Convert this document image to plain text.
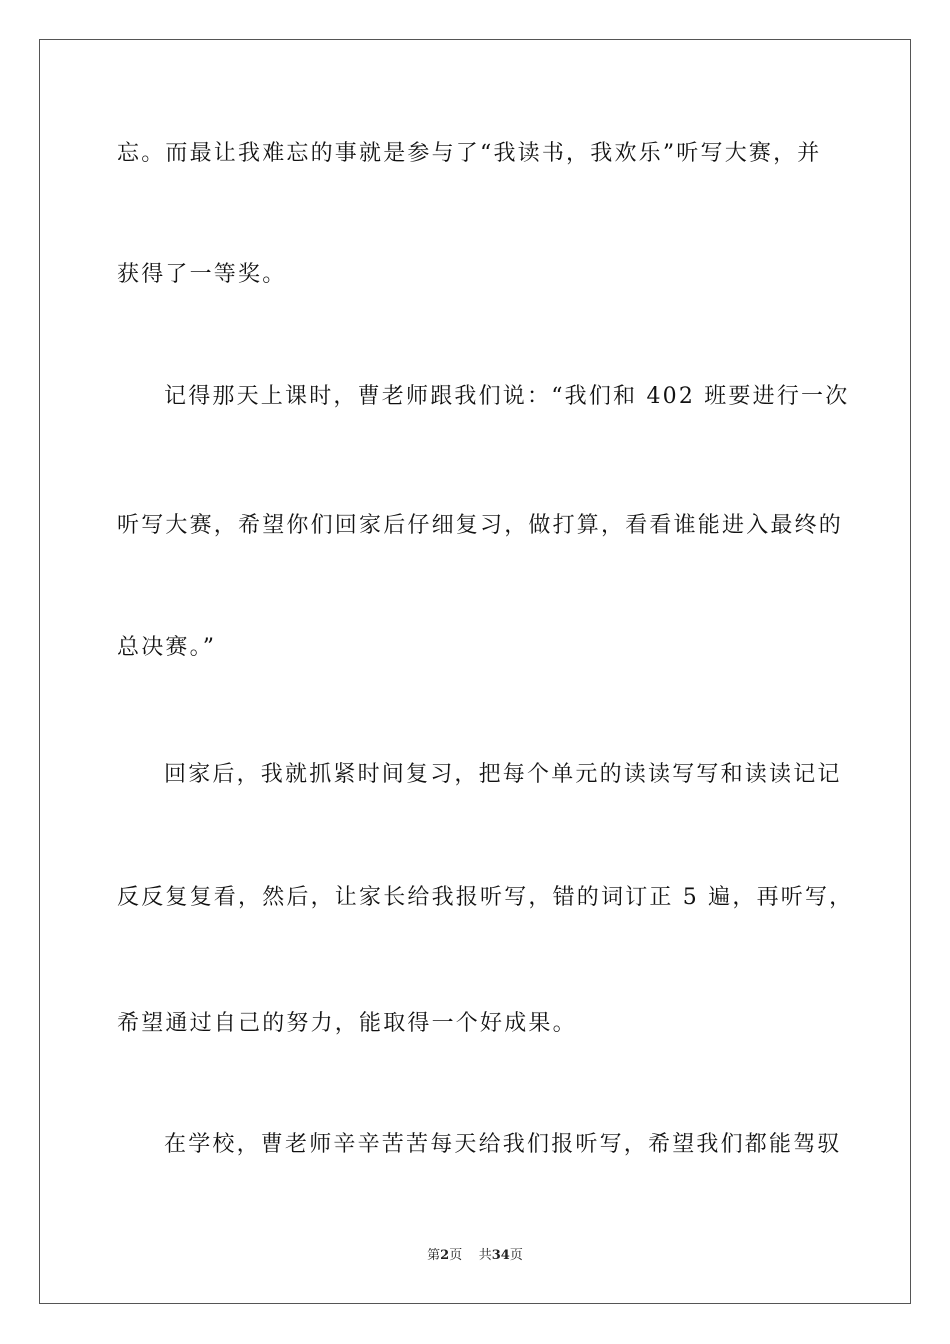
忘。而最让我难忘的事就是参与了“我读书，我欢乐”听写大赛，并
获得了一等奖。
记得那天上课时，曹老师跟我们说：“我们和 402 班要进行一次
听写大赛，希望你们回家后仔细复习，做打算，看看谁能进入最终的
总决赛。”
回家后，我就抓紧时间复习，把每个单元的读读写写和读读记记
反反复复看，然后，让家长给我报听写，错的词订正 5 遍，再听写，
希望通过自己的努力，能取得一个好成果。
在学校，曹老师辛辛苦苦每天给我们报听写，希望我们都能驾驭
第2页 共34页
